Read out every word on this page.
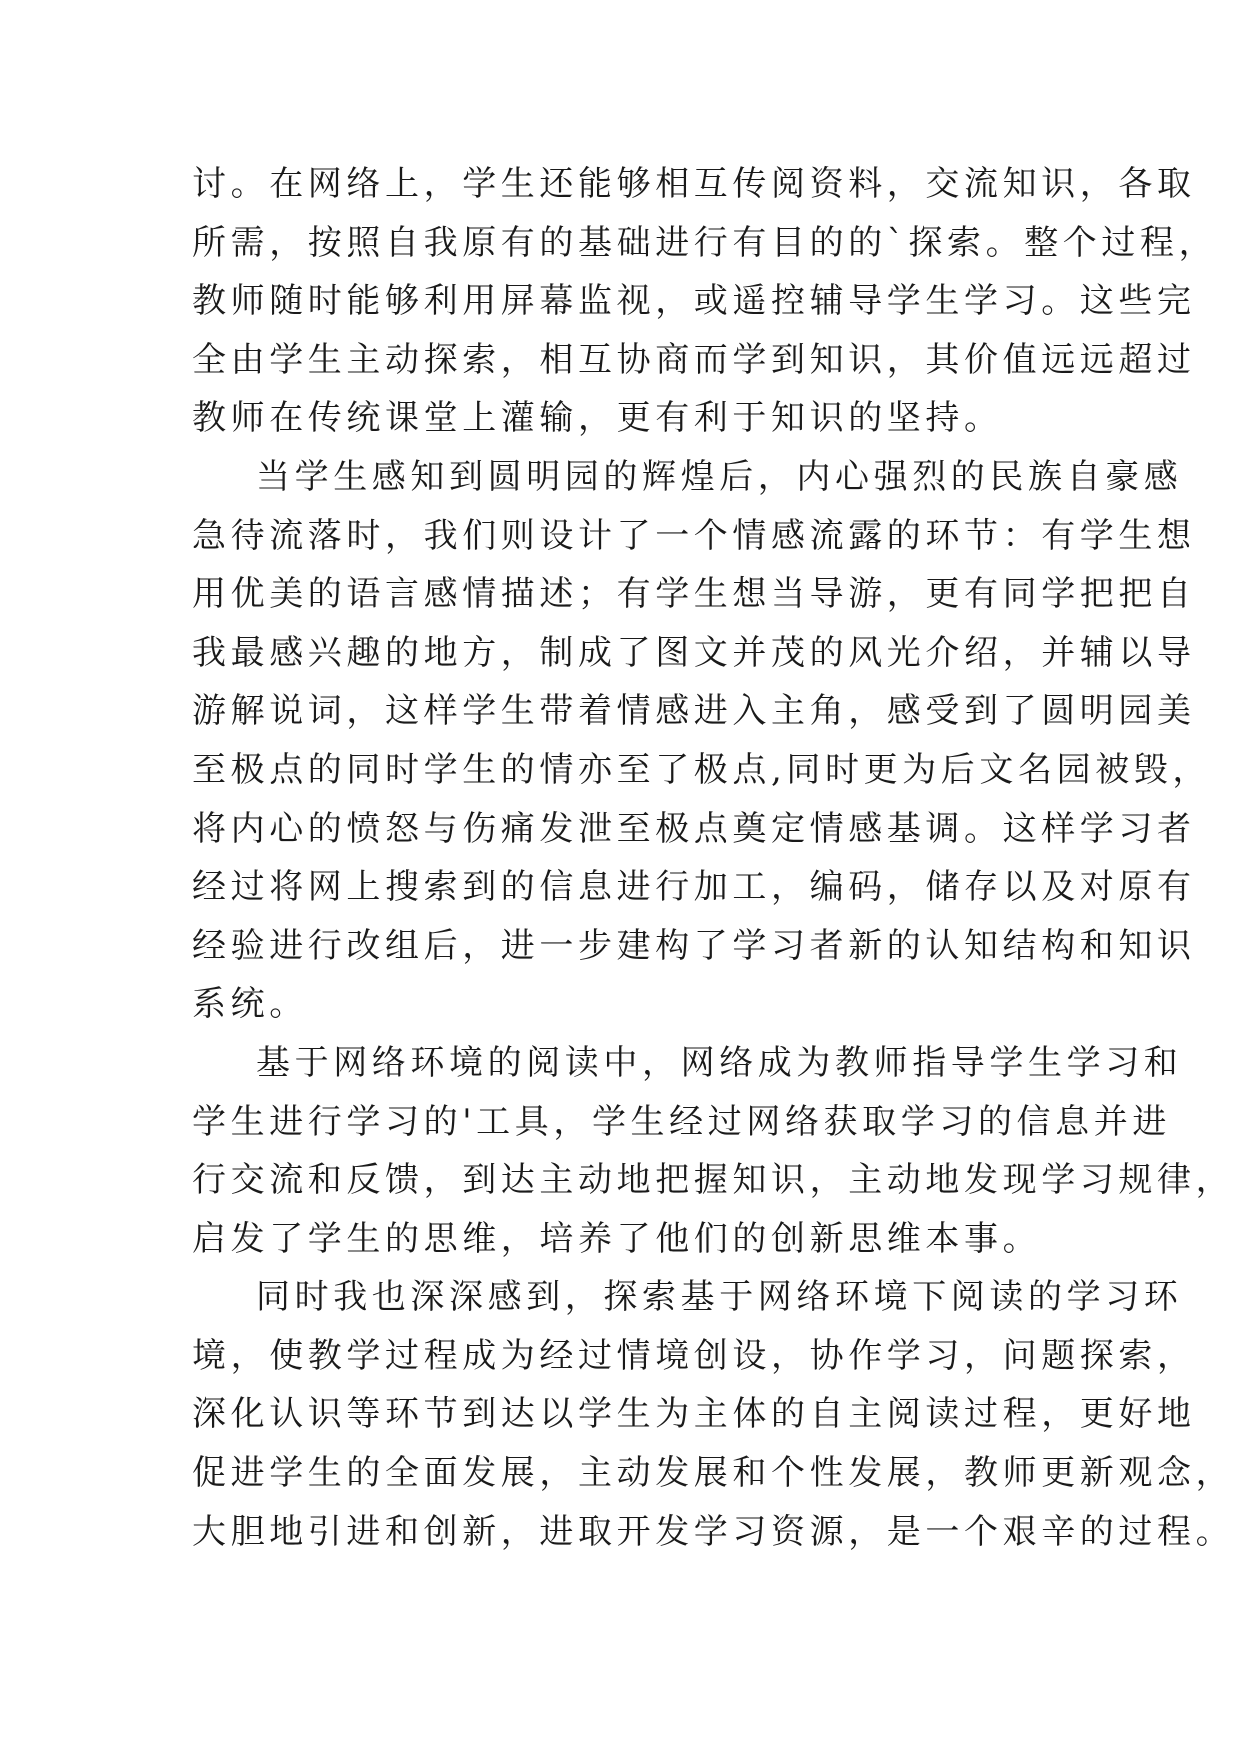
讨。在网络上，学生还能够相互传阅资料，交流知识，各取
所需，按照自我原有的基础进行有目的的`探索。整个过程，
教师随时能够利用屏幕监视，或遥控辅导学生学习。这些完
全由学生主动探索，相互协商而学到知识，其价值远远超过
教师在传统课堂上灌输，更有利于知识的坚持。
当学生感知到圆明园的辉煌后，内心强烈的民族自豪感
急待流落时，我们则设计了一个情感流露的环节：有学生想
用优美的语言感情描述；有学生想当导游，更有同学把把自
我最感兴趣的地方，制成了图文并茂的风光介绍，并辅以导
游解说词，这样学生带着情感进入主角，感受到了圆明园美
至极点的同时学生的情亦至了极点,同时更为后文名园被毁，
将内心的愤怒与伤痛发泄至极点奠定情感基调。这样学习者
经过将网上搜索到的信息进行加工，编码，储存以及对原有
经验进行改组后，进一步建构了学习者新的认知结构和知识
系统。
基于网络环境的阅读中，网络成为教师指导学生学习和
学生进行学习的'工具，学生经过网络获取学习的信息并进
行交流和反馈，到达主动地把握知识，主动地发现学习规律，
启发了学生的思维，培养了他们的创新思维本事。
同时我也深深感到，探索基于网络环境下阅读的学习环
境，使教学过程成为经过情境创设，协作学习，问题探索，
深化认识等环节到达以学生为主体的自主阅读过程，更好地
促进学生的全面发展，主动发展和个性发展，教师更新观念，
大胆地引进和创新，进取开发学习资源，是一个艰辛的过程。
